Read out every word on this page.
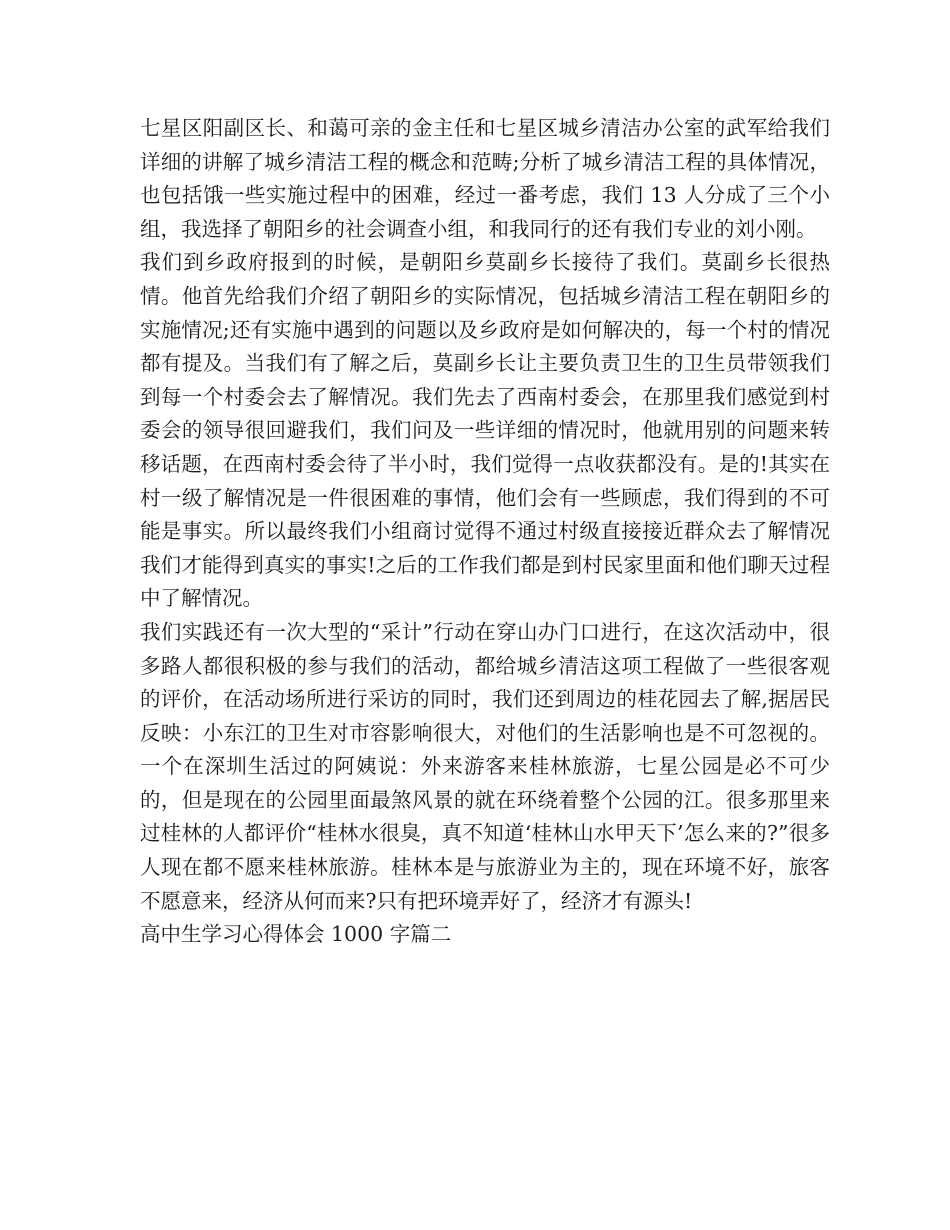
七星区阳副区长、和蔼可亲的金主任和七星区城乡清洁办公室的武军给我们详细的讲解了城乡清洁工程的概念和范畴;分析了城乡清洁工程的具体情况，也包括饿一些实施过程中的困难，经过一番考虑，我们 13 人分成了三个小组，我选择了朝阳乡的社会调查小组，和我同行的还有我们专业的刘小刚。

我们到乡政府报到的时候，是朝阳乡莫副乡长接待了我们。莫副乡长很热情。他首先给我们介绍了朝阳乡的实际情况，包括城乡清洁工程在朝阳乡的实施情况;还有实施中遇到的问题以及乡政府是如何解决的，每一个村的情况都有提及。当我们有了解之后，莫副乡长让主要负责卫生的卫生员带领我们到每一个村委会去了解情况。我们先去了西南村委会，在那里我们感觉到村委会的领导很回避我们，我们问及一些详细的情况时，他就用别的问题来转移话题，在西南村委会待了半小时，我们觉得一点收获都没有。是的!其实在村一级了解情况是一件很困难的事情，他们会有一些顾虑，我们得到的不可能是事实。所以最终我们小组商讨觉得不通过村级直接接近群众去了解情况我们才能得到真实的事实!之后的工作我们都是到村民家里面和他们聊天过程中了解情况。

我们实践还有一次大型的“采计”行动在穿山办门口进行，在这次活动中，很多路人都很积极的参与我们的活动，都给城乡清洁这项工程做了一些很客观的评价，在活动场所进行采访的同时，我们还到周边的桂花园去了解,据居民反映：小东江的卫生对市容影响很大，对他们的生活影响也是不可忽视的。一个在深圳生活过的阿姨说：外来游客来桂林旅游，七星公园是必不可少的，但是现在的公园里面最煞风景的就在环绕着整个公园的江。很多那里来过桂林的人都评价“桂林水很臭，真不知道‘桂林山水甲天下’怎么来的?”很多人现在都不愿来桂林旅游。桂林本是与旅游业为主的，现在环境不好，旅客不愿意来，经济从何而来?只有把环境弄好了，经济才有源头!

高中生学习心得体会 1000 字篇二
